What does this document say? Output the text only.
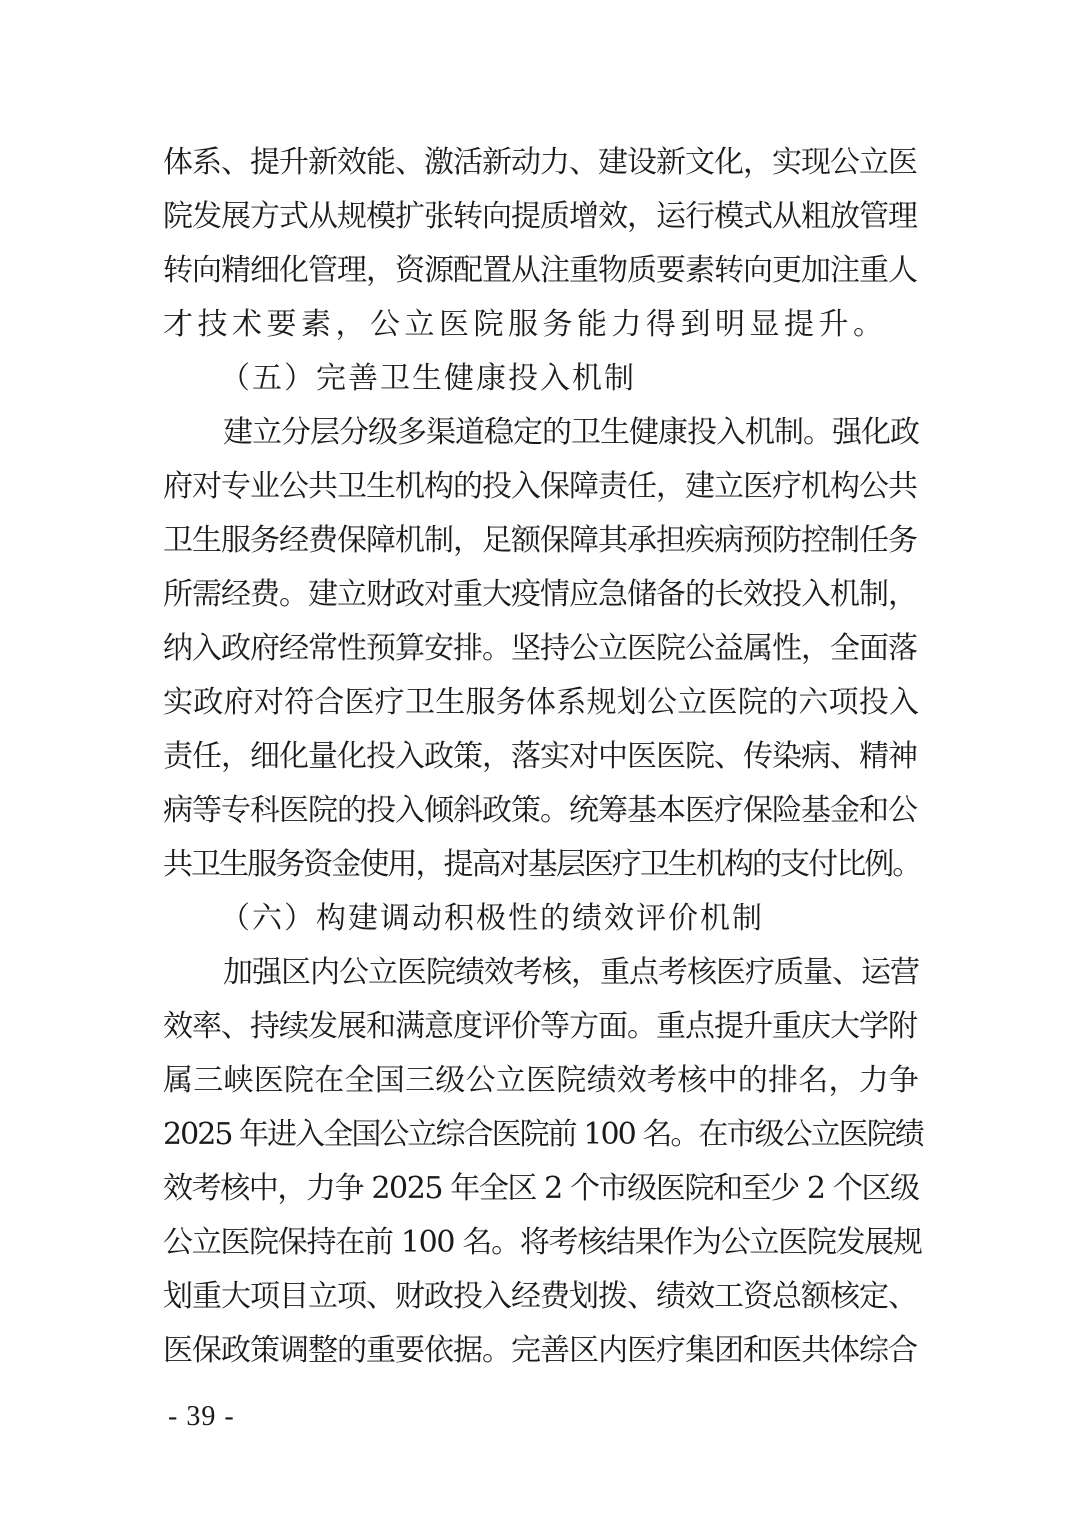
体系、提升新效能、激活新动力、建设新文化，实现公立医
院发展方式从规模扩张转向提质增效，运行模式从粗放管理
转向精细化管理，资源配置从注重物质要素转向更加注重人
才技术要素，公立医院服务能力得到明显提升。
（五）完善卫生健康投入机制
建立分层分级多渠道稳定的卫生健康投入机制。强化政
府对专业公共卫生机构的投入保障责任，建立医疗机构公共
卫生服务经费保障机制，足额保障其承担疾病预防控制任务
所需经费。建立财政对重大疫情应急储备的长效投入机制，
纳入政府经常性预算安排。坚持公立医院公益属性，全面落
实政府对符合医疗卫生服务体系规划公立医院的六项投入
责任，细化量化投入政策，落实对中医医院、传染病、精神
病等专科医院的投入倾斜政策。统筹基本医疗保险基金和公
共卫生服务资金使用，提高对基层医疗卫生机构的支付比例。
（六）构建调动积极性的绩效评价机制
加强区内公立医院绩效考核，重点考核医疗质量、运营
效率、持续发展和满意度评价等方面。重点提升重庆大学附
属三峡医院在全国三级公立医院绩效考核中的排名，力争
2025 年进入全国公立综合医院前 100 名。在市级公立医院绩
效考核中，力争 2025 年全区 2 个市级医院和至少 2 个区级
公立医院保持在前 100 名。将考核结果作为公立医院发展规
划重大项目立项、财政投入经费划拨、绩效工资总额核定、
医保政策调整的重要依据。完善区内医疗集团和医共体综合
- 39 -
